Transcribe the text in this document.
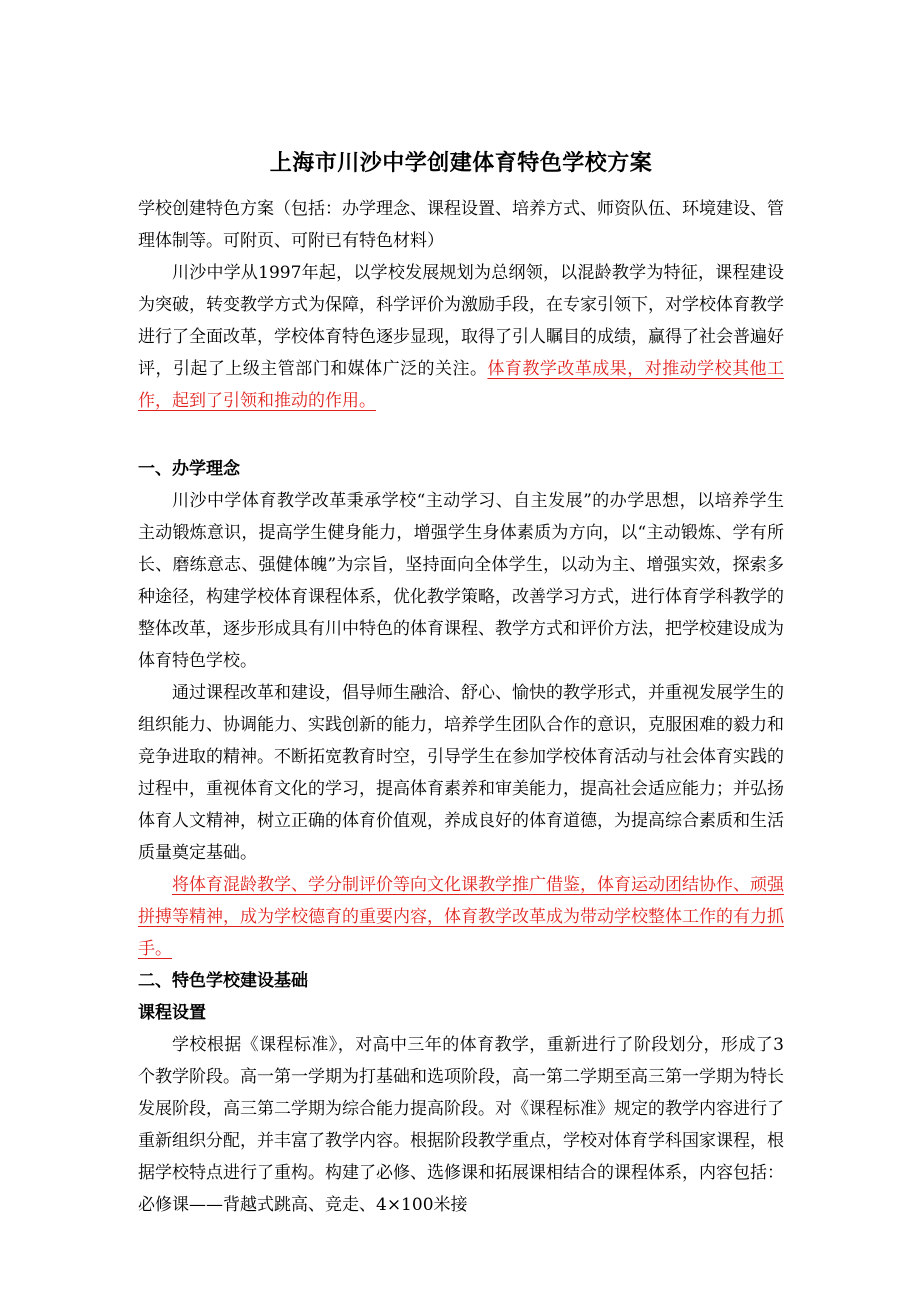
上海市川沙中学创建体育特色学校方案

学校创建特色方案（包括：办学理念、课程设置、培养方式、师资队伍、环境建设、管理体制等。可附页、可附已有特色材料）

川沙中学从1997年起，以学校发展规划为总纲领，以混龄教学为特征，课程建设为突破，转变教学方式为保障，科学评价为激励手段，在专家引领下，对学校体育教学进行了全面改革，学校体育特色逐步显现，取得了引人瞩目的成绩，赢得了社会普遍好评，引起了上级主管部门和媒体广泛的关注。体育教学改革成果，对推动学校其他工作，起到了引领和推动的作用。

一、办学理念

川沙中学体育教学改革秉承学校“主动学习、自主发展”的办学思想，以培养学生主动锻炼意识，提高学生健身能力，增强学生身体素质为方向，以“主动锻炼、学有所长、磨练意志、强健体魄”为宗旨，坚持面向全体学生，以动为主、增强实效，探索多种途径，构建学校体育课程体系，优化教学策略，改善学习方式，进行体育学科教学的整体改革，逐步形成具有川中特色的体育课程、教学方式和评价方法，把学校建设成为体育特色学校。

通过课程改革和建设，倡导师生融洽、舒心、愉快的教学形式，并重视发展学生的组织能力、协调能力、实践创新的能力，培养学生团队合作的意识，克服困难的毅力和竞争进取的精神。不断拓宽教育时空，引导学生在参加学校体育活动与社会体育实践的过程中，重视体育文化的学习，提高体育素养和审美能力，提高社会适应能力；并弘扬体育人文精神，树立正确的体育价值观，养成良好的体育道德，为提高综合素质和生活质量奠定基础。

将体育混龄教学、学分制评价等向文化课教学推广借鉴，体育运动团结协作、顽强拼搏等精神，成为学校德育的重要内容，体育教学改革成为带动学校整体工作的有力抓手。

二、特色学校建设基础

课程设置

学校根据《课程标准》，对高中三年的体育教学，重新进行了阶段划分，形成了3个教学阶段。高一第一学期为打基础和选项阶段，高一第二学期至高三第一学期为特长发展阶段，高三第二学期为综合能力提高阶段。对《课程标准》规定的教学内容进行了重新组织分配，并丰富了教学内容。根据阶段教学重点，学校对体育学科国家课程，根据学校特点进行了重构。构建了必修、选修课和拓展课相结合的课程体系，内容包括：必修课——背越式跳高、竞走、4×100米接
